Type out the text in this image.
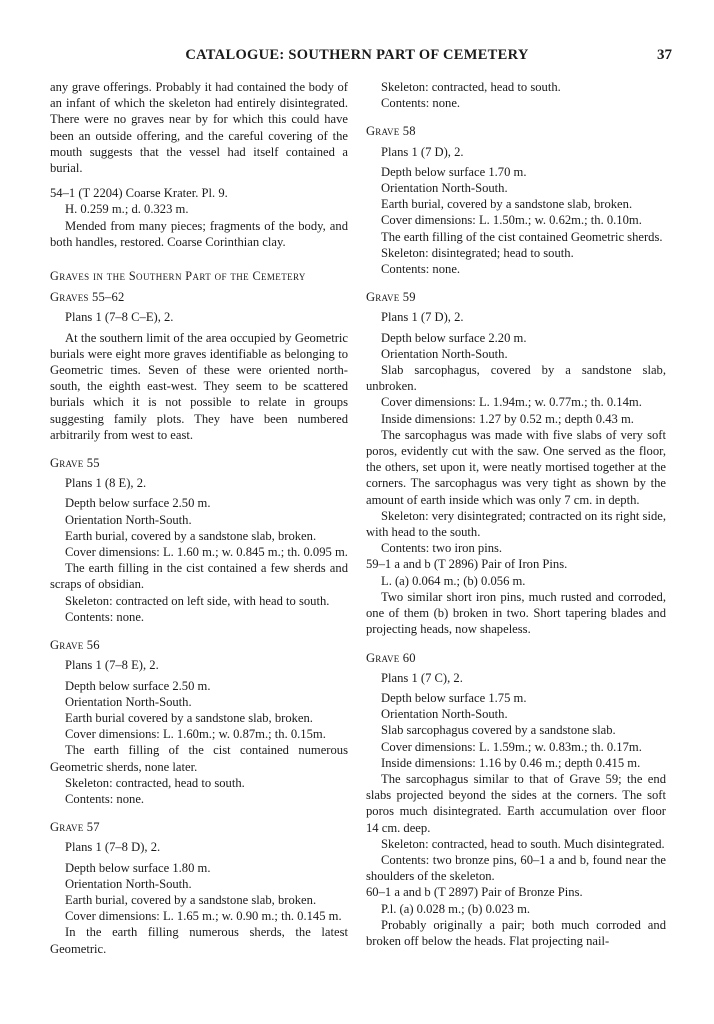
CATALOGUE: SOUTHERN PART OF CEMETERY	37

any grave offerings. Probably it had contained the body of an infant of which the skeleton had entirely disintegrated. There were no graves near by for which this could have been an outside offering, and the careful covering of the mouth suggests that the vessel had itself contained a burial.

54–1 (T 2204) Coarse Krater. Pl. 9.

H. 0.259 m.; d. 0.323 m.

Mended from many pieces; fragments of the body, and both handles, restored. Coarse Corinthian clay.

Graves in the Southern Part of the Cemetery

Graves 55–62

Plans 1 (7–8 C–E), 2.

At the southern limit of the area occupied by Geometric burials were eight more graves identifiable as belonging to Geometric times. Seven of these were oriented north-south, the eighth east-west. They seem to be scattered burials which it is not possible to relate in groups suggesting family plots. They have been numbered arbitrarily from west to east.

Grave 55

Plans 1 (8 E), 2.

Depth below surface 2.50 m.

Orientation North-South.

Earth burial, covered by a sandstone slab, broken.

Cover dimensions: L. 1.60 m.; w. 0.845 m.; th. 0.095 m.

The earth filling in the cist contained a few sherds and scraps of obsidian.

Skeleton: contracted on left side, with head to south.

Contents: none.

Grave 56

Plans 1 (7–8 E), 2.

Depth below surface 2.50 m.

Orientation North-South.

Earth burial covered by a sandstone slab, broken.

Cover dimensions: L. 1.60m.; w. 0.87m.; th. 0.15m.

The earth filling of the cist contained numerous Geometric sherds, none later.

Skeleton: contracted, head to south.

Contents: none.

Grave 57

Plans 1 (7–8 D), 2.

Depth below surface 1.80 m.

Orientation North-South.

Earth burial, covered by a sandstone slab, broken.

Cover dimensions: L. 1.65 m.; w. 0.90 m.; th. 0.145 m.

In the earth filling numerous sherds, the latest Geometric.

Skeleton: contracted, head to south.

Contents: none.

Grave 58

Plans 1 (7 D), 2.

Depth below surface 1.70 m.

Orientation North-South.

Earth burial, covered by a sandstone slab, broken.

Cover dimensions: L. 1.50m.; w. 0.62m.; th. 0.10m.

The earth filling of the cist contained Geometric sherds.

Skeleton: disintegrated; head to south.

Contents: none.

Grave 59

Plans 1 (7 D), 2.

Depth below surface 2.20 m.

Orientation North-South.

Slab sarcophagus, covered by a sandstone slab, unbroken.

Cover dimensions: L. 1.94m.; w. 0.77m.; th. 0.14m.

Inside dimensions: 1.27 by 0.52 m.; depth 0.43 m.

The sarcophagus was made with five slabs of very soft poros, evidently cut with the saw. One served as the floor, the others, set upon it, were neatly mortised together at the corners. The sarcophagus was very tight as shown by the amount of earth inside which was only 7 cm. in depth.

Skeleton: very disintegrated; contracted on its right side, with head to the south.

Contents: two iron pins.

59–1 a and b (T 2896) Pair of Iron Pins.

L. (a) 0.064 m.; (b) 0.056 m.

Two similar short iron pins, much rusted and corroded, one of them (b) broken in two. Short tapering blades and projecting heads, now shapeless.

Grave 60

Plans 1 (7 C), 2.

Depth below surface 1.75 m.

Orientation North-South.

Slab sarcophagus covered by a sandstone slab.

Cover dimensions: L. 1.59m.; w. 0.83m.; th. 0.17m.

Inside dimensions: 1.16 by 0.46 m.; depth 0.415 m.

The sarcophagus similar to that of Grave 59; the end slabs projected beyond the sides at the corners. The soft poros much disintegrated. Earth accumulation over floor 14 cm. deep.

Skeleton: contracted, head to south. Much disintegrated.

Contents: two bronze pins, 60–1 a and b, found near the shoulders of the skeleton.

60–1 a and b (T 2897) Pair of Bronze Pins.

P.l. (a) 0.028 m.; (b) 0.023 m.

Probably originally a pair; both much corroded and broken off below the heads. Flat projecting nail-
